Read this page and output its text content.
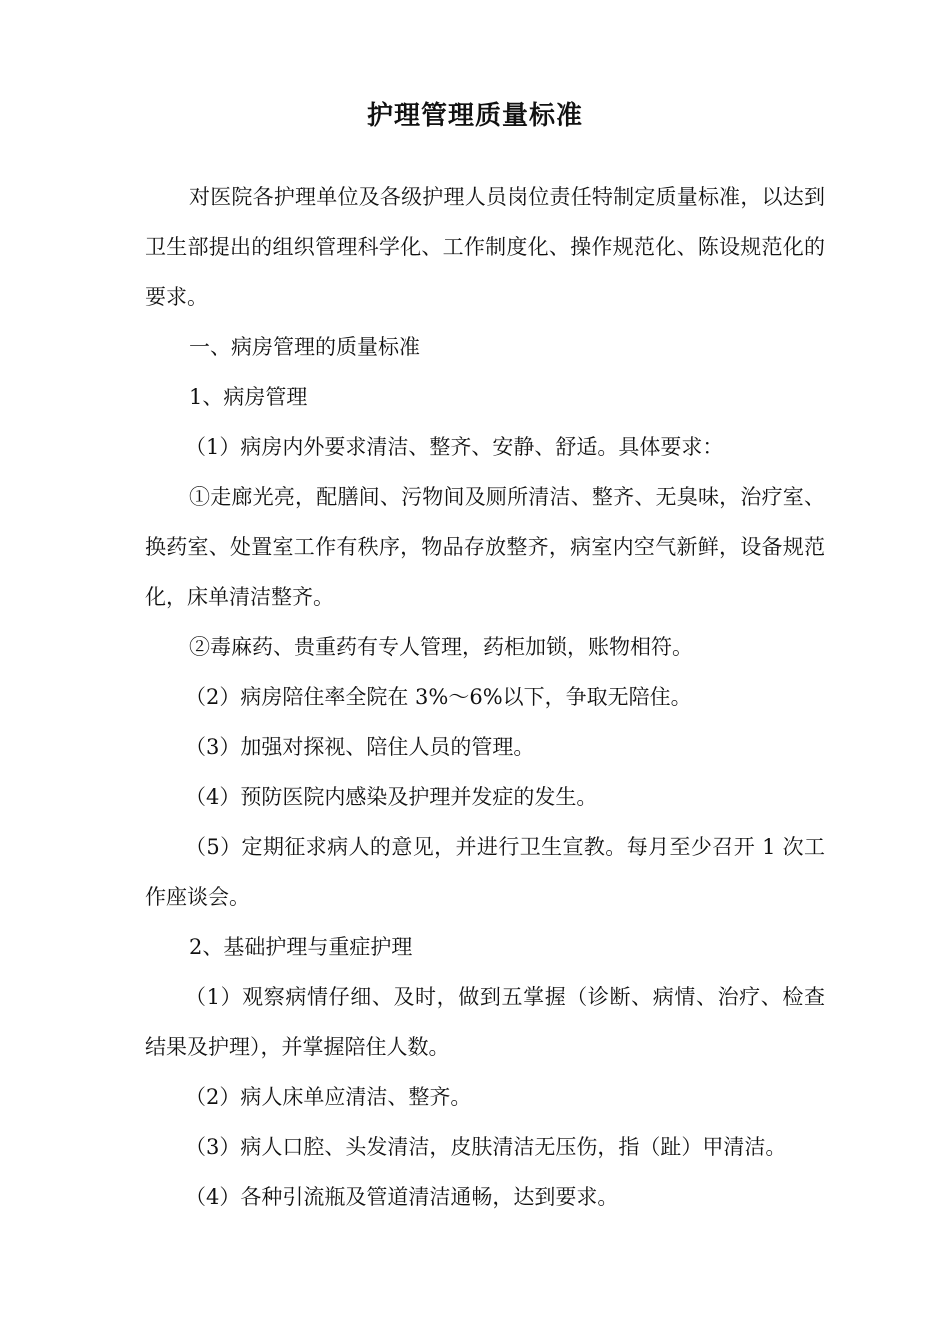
护理管理质量标准

对医院各护理单位及各级护理人员岗位责任特制定质量标准，以达到卫生部提出的组织管理科学化、工作制度化、操作规范化、陈设规范化的要求。

一、病房管理的质量标准

1、病房管理

（1）病房内外要求清洁、整齐、安静、舒适。具体要求：

①走廊光亮，配膳间、污物间及厕所清洁、整齐、无臭味，治疗室、换药室、处置室工作有秩序，物品存放整齐，病室内空气新鲜，设备规范化，床单清洁整齐。

②毒麻药、贵重药有专人管理，药柜加锁，账物相符。

（2）病房陪住率全院在 3%～6%以下，争取无陪住。

（3）加强对探视、陪住人员的管理。

（4）预防医院内感染及护理并发症的发生。

（5）定期征求病人的意见，并进行卫生宣教。每月至少召开 1 次工作座谈会。

2、基础护理与重症护理

（1）观察病情仔细、及时，做到五掌握（诊断、病情、治疗、检查结果及护理），并掌握陪住人数。

（2）病人床单应清洁、整齐。

（3）病人口腔、头发清洁，皮肤清洁无压伤，指（趾）甲清洁。

（4）各种引流瓶及管道清洁通畅，达到要求。
